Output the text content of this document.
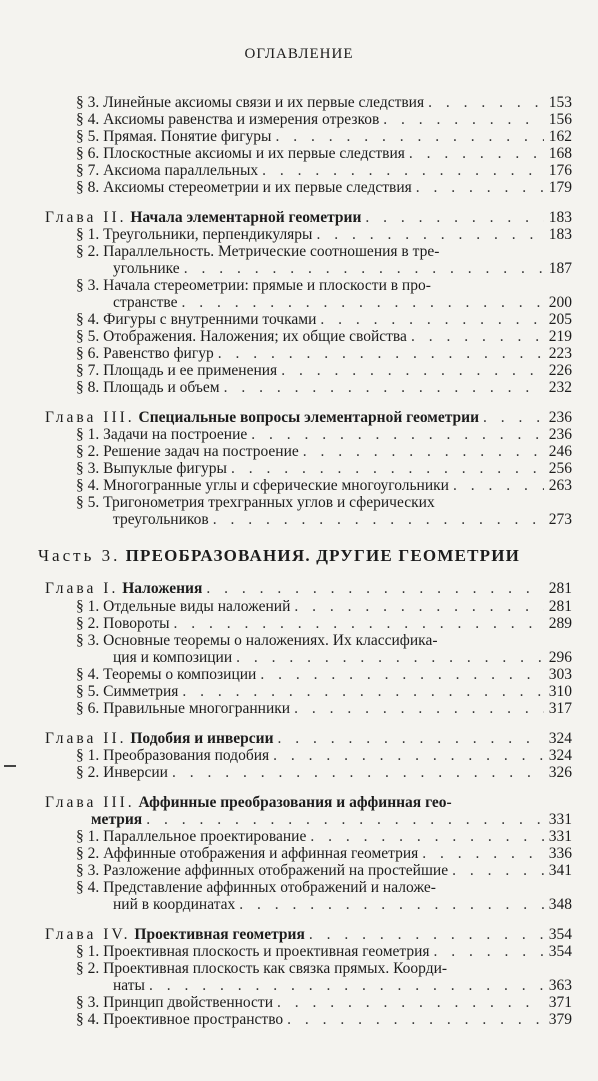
ОГЛАВЛЕНИЕ
Часть 3. ПРЕОБРАЗОВАНИЯ. ДРУГИЕ ГЕОМЕТРИИ
§ 3. Линейные аксиомы связи и их первые следствия . . .	153
§ 4. Аксиомы равенства и измерения отрезков . . .	156
§ 5. Прямая. Понятие фигуры . . .	162
§ 6. Плоскостные аксиомы и их первые следствия . . .	168
§ 7. Аксиома параллельных . . .	176
§ 8. Аксиомы стереометрии и их первые следствия . . .	179
Глава II. Начала элементарной геометрии . . .	183
§ 1. Треугольники, перпендикуляры . . .	183
§ 2. Параллельность. Метрические соотношения в тре-
угольнике . . .	187
§ 3. Начала стереометрии: прямые и плоскости в про-
странстве . . .	200
§ 4. Фигуры с внутренними точками . . .	205
§ 5. Отображения. Наложения; их общие свойства . . .	219
§ 6. Равенство фигур . . .	223
§ 7. Площадь и ее применения . . .	226
§ 8. Площадь и объем . . .	232
Глава III. Специальные вопросы элементарной геометрии . . .	236
§ 1. Задачи на построение . . .	236
§ 2. Решение задач на построение . . .	246
§ 3. Выпуклые фигуры . . .	256
§ 4. Многогранные углы и сферические многоугольники . . .	263
§ 5. Тригонометрия трехгранных углов и сферических
треугольников . . .	273
Глава I. Наложения . . .	281
§ 1. Отдельные виды наложений . . .	281
§ 2. Повороты . . .	289
§ 3. Основные теоремы о наложениях. Их классифика-
ция и композиции . . .	296
§ 4. Теоремы о композиции . . .	303
§ 5. Симметрия . . .	310
§ 6. Правильные многогранники . . .	317
Глава II. Подобия и инверсии . . .	324
§ 1. Преобразования подобия . . .	324
§ 2. Инверсии . . .	326
Глава III. Аффинные преобразования и аффинная гео-
метрия . . .	331
§ 1. Параллельное проектирование . . .	331
§ 2. Аффинные отображения и аффинная геометрия . . .	336
§ 3. Разложение аффинных отображений на простейшие . . .	341
§ 4. Представление аффинных отображений и наложе-
ний в координатах . . .	348
Глава IV. Проективная геометрия . . .	354
§ 1. Проективная плоскость и проективная геометрия . . .	354
§ 2. Проективная плоскость как связка прямых. Коорди-
наты . . .	363
§ 3. Принцип двойственности . . .	371
§ 4. Проективное пространство . . .	379
